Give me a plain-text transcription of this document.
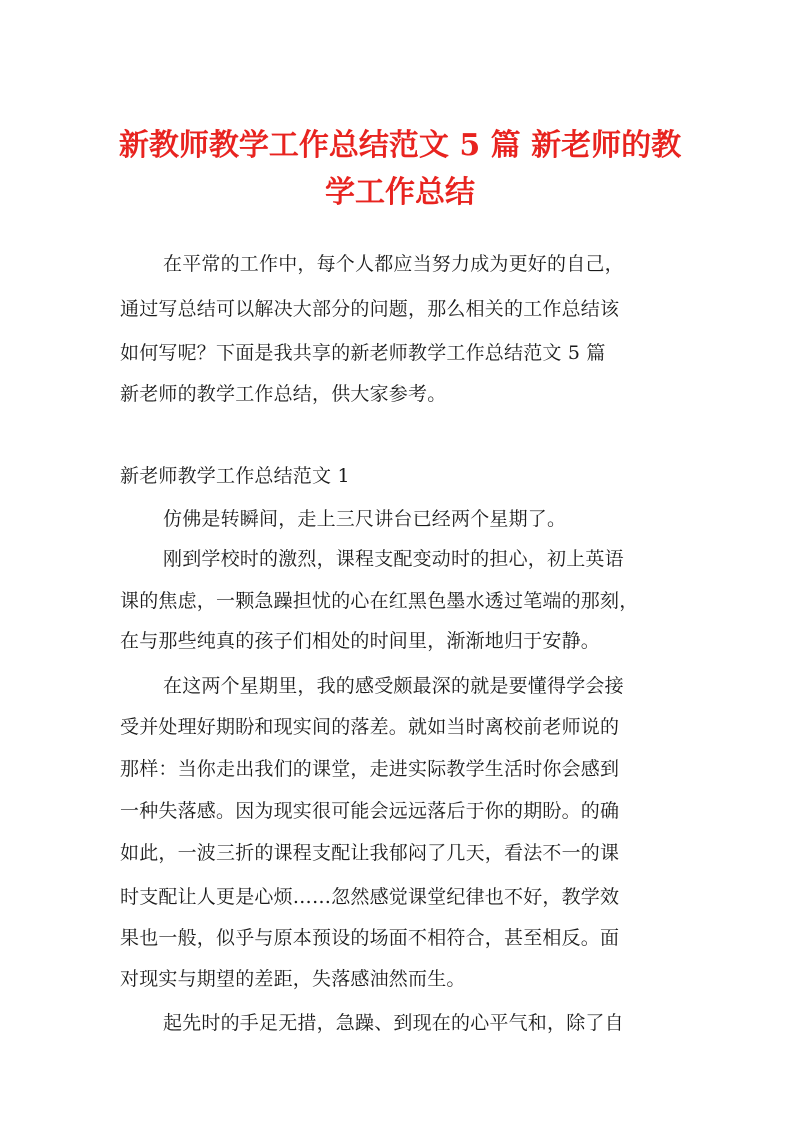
新教师教学工作总结范文 5 篇 新老师的教
学工作总结

在平常的工作中，每个人都应当努力成为更好的自己，

通过写总结可以解决大部分的问题，那么相关的工作总结该

如何写呢？下面是我共享的新老师教学工作总结范文 5 篇

新老师的教学工作总结，供大家参考。

新老师教学工作总结范文 1

仿佛是转瞬间，走上三尺讲台已经两个星期了。

刚到学校时的激烈，课程支配变动时的担心，初上英语

课的焦虑，一颗急躁担忧的心在红黑色墨水透过笔端的那刻，

在与那些纯真的孩子们相处的时间里，渐渐地归于安静。

在这两个星期里，我的感受颇最深的就是要懂得学会接

受并处理好期盼和现实间的落差。就如当时离校前老师说的

那样：当你走出我们的课堂，走进实际教学生活时你会感到

一种失落感。因为现实很可能会远远落后于你的期盼。的确

如此，一波三折的课程支配让我郁闷了几天，看法不一的课

时支配让人更是心烦……忽然感觉课堂纪律也不好，教学效

果也一般，似乎与原本预设的场面不相符合，甚至相反。面

对现实与期望的差距，失落感油然而生。

起先时的手足无措，急躁、到现在的心平气和，除了自
